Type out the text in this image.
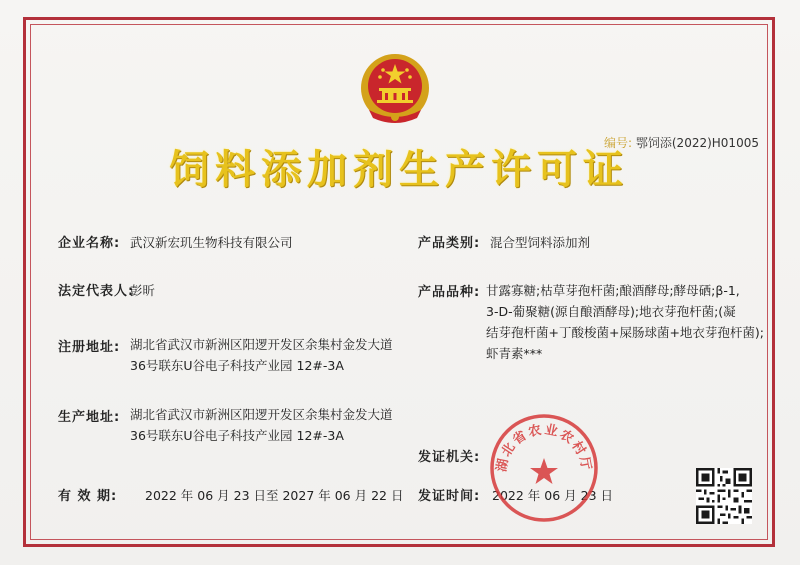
编号: 鄂饲添(2022)H01005
饲料添加剂生产许可证
企业名称: 武汉新宏玑生物科技有限公司
法定代表人:
彭昕
注册地址: 湖北省武汉市新洲区阳逻开发区余集村金发大道
36号联东U谷电子科技产业园 12#-3A
生产地址: 湖北省武汉市新洲区阳逻开发区余集村金发大道
36号联东U谷电子科技产业园 12#-3A
有 效 期: 2022 年 06 月 23 日至 2027 年 06 月 22 日
产品类别: 混合型饲料添加剂
产品品种: 甘露寡糖;枯草芽孢杆菌;酿酒酵母;酵母硒;β-1,
3-D-葡聚糖(源自酿酒酵母);地衣芽孢杆菌;(凝
结芽孢杆菌+丁酸梭菌+屎肠球菌+地衣芽孢杆菌);
虾青素***
发证机关:
发证时间: 2022 年 06 月 23 日
湖北省农业农村厅
